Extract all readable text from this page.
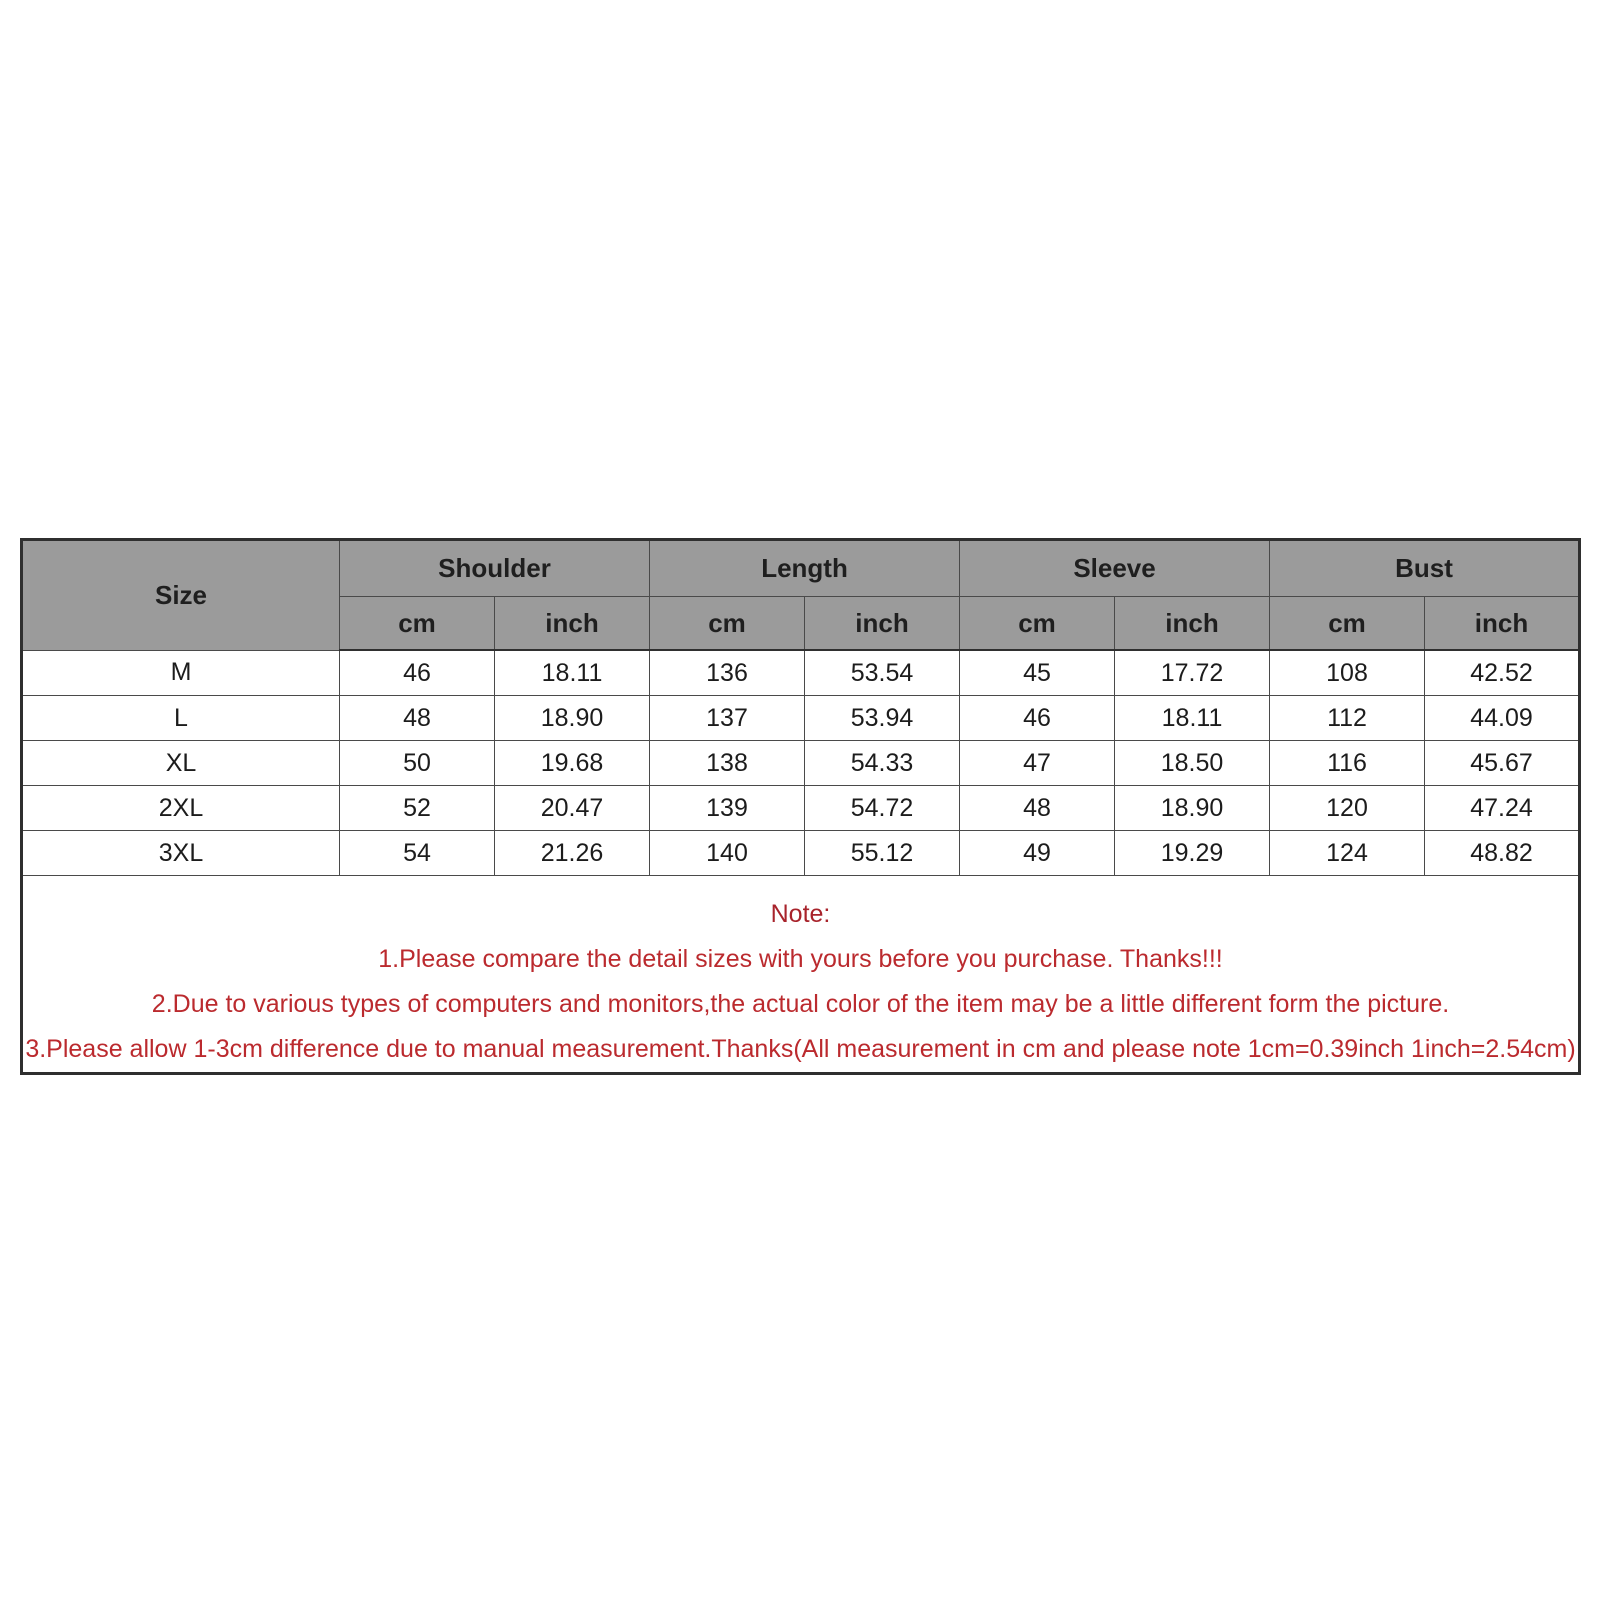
Size	Shoulder		Length		Sleeve		Bust	
	cm	inch	cm	inch	cm	inch	cm	inch
M	46	18.11	136	53.54	45	17.72	108	42.52
L	48	18.90	137	53.94	46	18.11	112	44.09
XL	50	19.68	138	54.33	47	18.50	116	45.67
2XL	52	20.47	139	54.72	48	18.90	120	47.24
3XL	54	21.26	140	55.12	49	19.29	124	48.82

Note:
1.Please compare the detail sizes with yours before you purchase. Thanks!!!
2.Due to various types of computers and monitors,the actual color of the item may be a little different form the picture.
3.Please allow 1-3cm difference due to manual measurement.Thanks(All measurement in cm and please note 1cm=0.39inch 1inch=2.54cm)								
